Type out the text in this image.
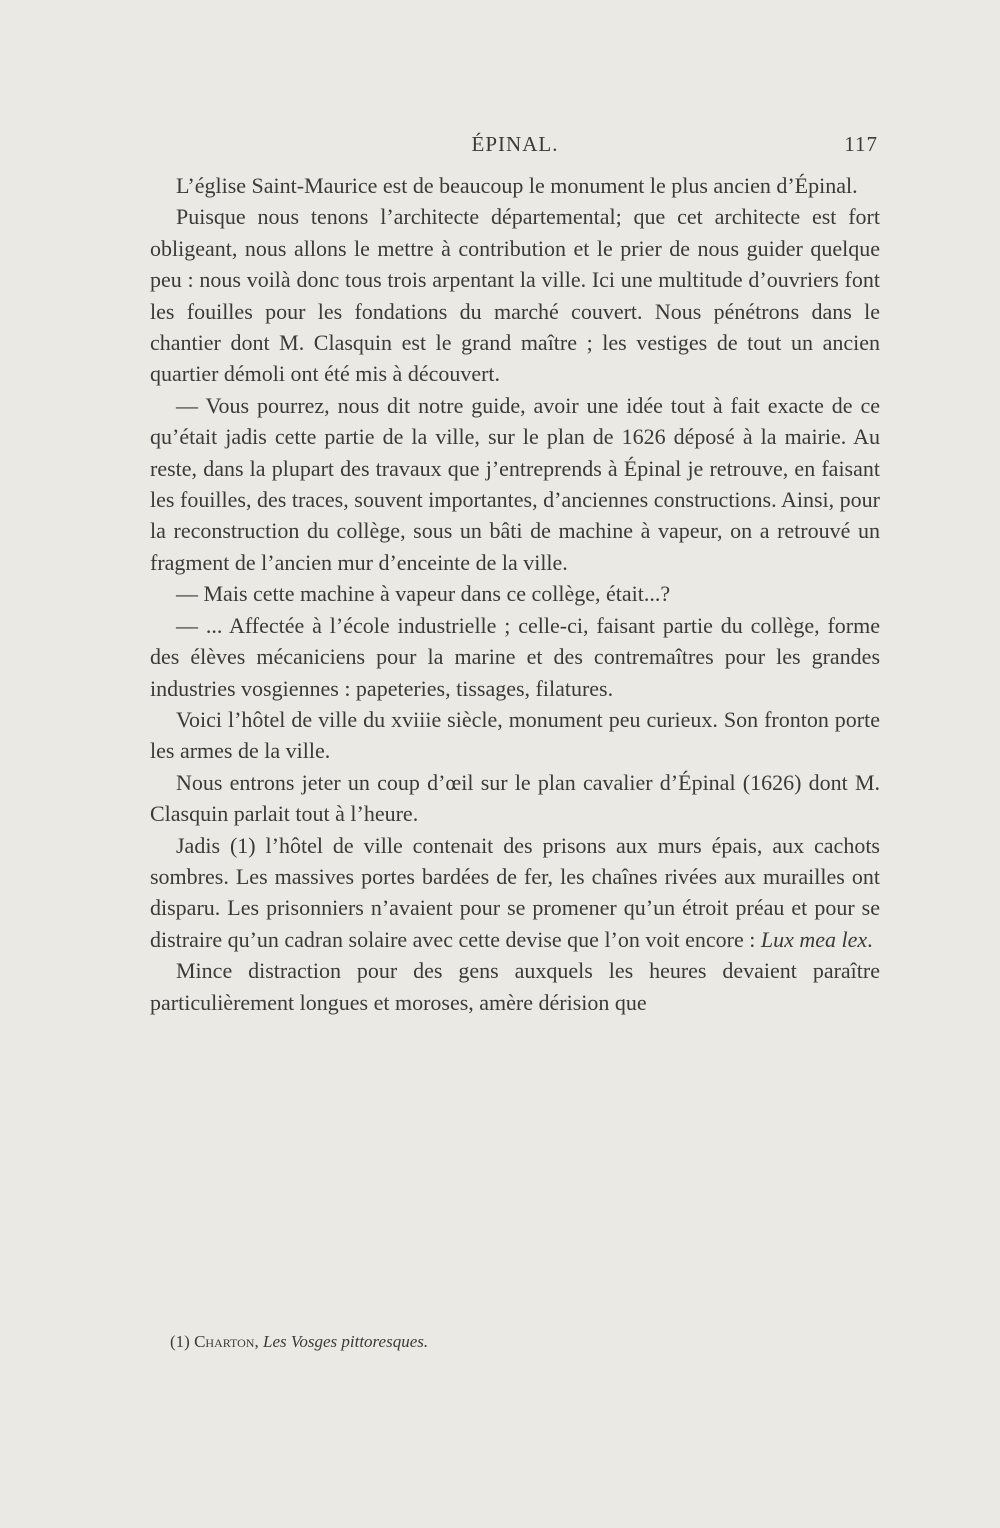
ÉPINAL.	117

L’église Saint-Maurice est de beaucoup le monument le plus ancien d’Épinal.

Puisque nous tenons l’architecte départemental; que cet architecte est fort obligeant, nous allons le mettre à contribution et le prier de nous guider quelque peu : nous voilà donc tous trois arpentant la ville. Ici une multitude d’ouvriers font les fouilles pour les fondations du marché couvert. Nous pénétrons dans le chantier dont M. Clasquin est le grand maître ; les vestiges de tout un ancien quartier démoli ont été mis à découvert.

— Vous pourrez, nous dit notre guide, avoir une idée tout à fait exacte de ce qu’était jadis cette partie de la ville, sur le plan de 1626 déposé à la mairie. Au reste, dans la plupart des travaux que j’entreprends à Épinal je retrouve, en faisant les fouilles, des traces, souvent importantes, d’anciennes constructions. Ainsi, pour la reconstruction du collège, sous un bâti de machine à vapeur, on a retrouvé un fragment de l’ancien mur d’enceinte de la ville.

— Mais cette machine à vapeur dans ce collège, était...?

— ... Affectée à l’école industrielle ; celle-ci, faisant partie du collège, forme des élèves mécaniciens pour la marine et des contremaîtres pour les grandes industries vosgiennes : papeteries, tissages, filatures.

Voici l’hôtel de ville du xviiie siècle, monument peu curieux. Son fronton porte les armes de la ville.

Nous entrons jeter un coup d’œil sur le plan cavalier d’Épinal (1626) dont M. Clasquin parlait tout à l’heure.

Jadis (1) l’hôtel de ville contenait des prisons aux murs épais, aux cachots sombres. Les massives portes bardées de fer, les chaînes rivées aux murailles ont disparu. Les prisonniers n’avaient pour se promener qu’un étroit préau et pour se distraire qu’un cadran solaire avec cette devise que l’on voit encore : Lux mea lex.

Mince distraction pour des gens auxquels les heures devaient paraître particulièrement longues et moroses, amère dérision que

(1) Charton, Les Vosges pittoresques.
